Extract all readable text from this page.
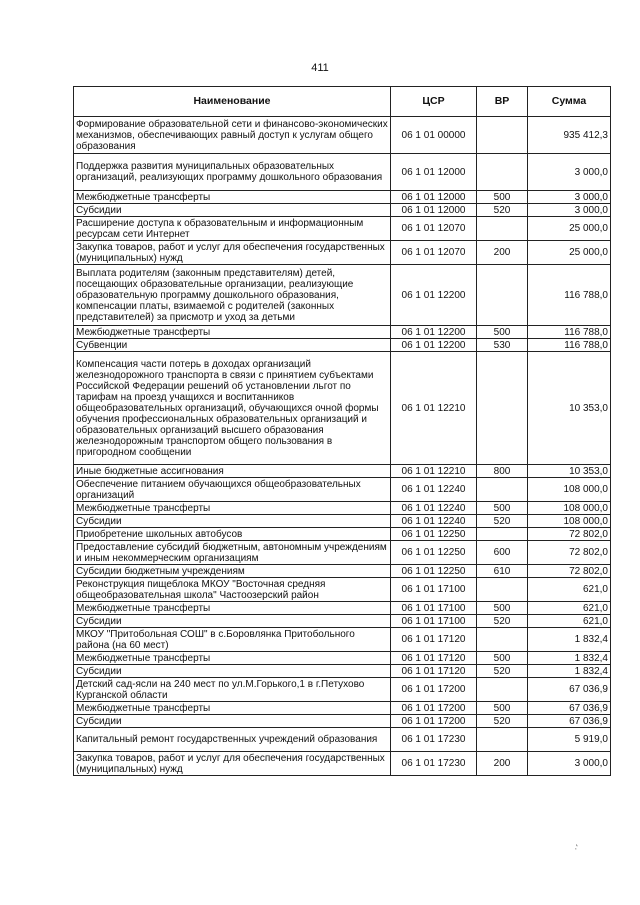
411
Наименование	ЦСР	ВР	Сумма
Формирование образовательной сети и финансово-экономических механизмов, обеспечивающих равный доступ к услугам общего образования	06 1 01 00000		935 412,3
Поддержка развития муниципальных образовательных организаций, реализующих программу дошкольного образования	06 1 01 12000		3 000,0
Межбюджетные трансферты	06 1 01 12000	500	3 000,0
Субсидии	06 1 01 12000	520	3 000,0
Расширение доступа к образовательным и информационным ресурсам сети Интернет	06 1 01 12070		25 000,0
Закупка товаров, работ и услуг для обеспечения государственных (муниципальных) нужд	06 1 01 12070	200	25 000,0
Выплата родителям (законным представителям) детей, посещающих образовательные организации, реализующие образовательную программу дошкольного образования, компенсации платы, взимаемой с родителей (законных представителей) за присмотр и уход за детьми	06 1 01 12200		116 788,0
Межбюджетные трансферты	06 1 01 12200	500	116 788,0
Субвенции	06 1 01 12200	530	116 788,0
Компенсация части потерь в доходах организаций железнодорожного транспорта в связи с принятием субъектами Российской Федерации решений об установлении льгот по тарифам на проезд учащихся и воспитанников общеобразовательных организаций, обучающихся очной формы обучения профессиональных образовательных организаций и образовательных организаций высшего образования железнодорожным транспортом общего пользования в пригородном сообщении	06 1 01 12210		10 353,0
Иные бюджетные ассигнования	06 1 01 12210	800	10 353,0
Обеспечение питанием обучающихся общеобразовательных организаций	06 1 01 12240		108 000,0
Межбюджетные трансферты	06 1 01 12240	500	108 000,0
Субсидии	06 1 01 12240	520	108 000,0
Приобретение школьных автобусов	06 1 01 12250		72 802,0
Предоставление субсидий бюджетным, автономным учреждениям и иным некоммерческим организациям	06 1 01 12250	600	72 802,0
Субсидии бюджетным учреждениям	06 1 01 12250	610	72 802,0
Реконструкция пищеблока МКОУ "Восточная средняя общеобразовательная школа" Частоозерский район	06 1 01 17100		621,0
Межбюджетные трансферты	06 1 01 17100	500	621,0
Субсидии	06 1 01 17100	520	621,0
МКОУ "Притобольная СОШ" в с.Боровлянка Притобольного района (на 60 мест)	06 1 01 17120		1 832,4
Межбюджетные трансферты	06 1 01 17120	500	1 832,4
Субсидии	06 1 01 17120	520	1 832,4
Детский сад-ясли на 240 мест по ул.М.Горького,1 в г.Петухово Курганской области	06 1 01 17200		67 036,9
Межбюджетные трансферты	06 1 01 17200	500	67 036,9
Субсидии	06 1 01 17200	520	67 036,9
Капитальный ремонт государственных учреждений образования	06 1 01 17230		5 919,0
Закупка товаров, работ и услуг для обеспечения государственных (муниципальных) нужд	06 1 01 17230	200	3 000,0
·'
